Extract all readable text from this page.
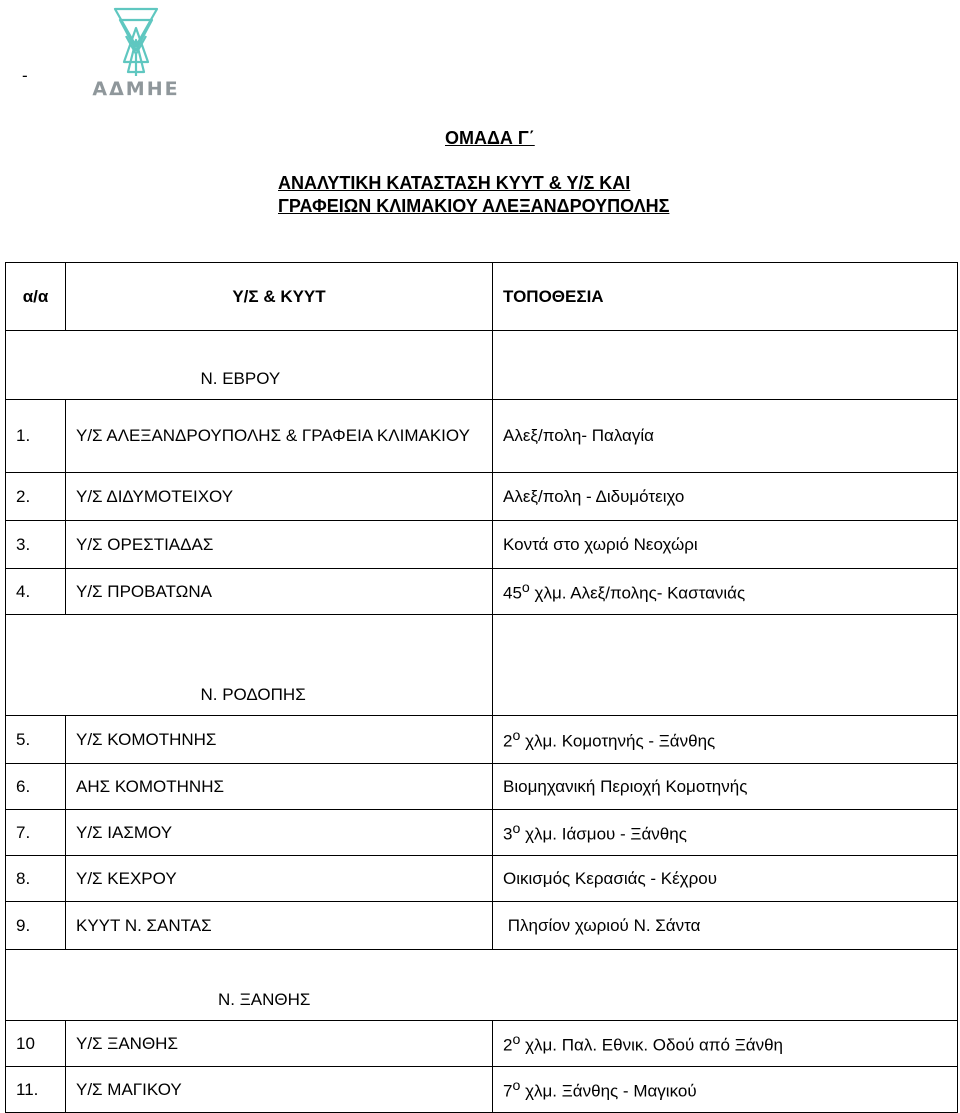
-
ΑΔΜΗΕ
ΟΜΑΔΑ Γ΄
ΑΝΑΛΥΤΙΚΗ ΚΑΤΑΣΤΑΣΗ ΚΥΥΤ & Υ/Σ ΚΑΙ
ΓΡΑΦΕΙΩΝ ΚΛΙΜΑΚΙΟΥ ΑΛΕΞΑΝΔΡΟΥΠΟΛΗΣ
α/α	Υ/Σ & ΚΥΥΤ	ΤΟΠΟΘΕΣΙΑ
	Ν. ΕΒΡΟΥ	
1.	Υ/Σ ΑΛΕΞΑΝΔΡΟΥΠΟΛΗΣ & ΓΡΑΦΕΙΑ ΚΛΙΜΑΚΙΟΥ	Αλεξ/πολη- Παλαγία
2.	Υ/Σ ΔΙΔΥΜΟΤΕΙΧΟΥ	Αλεξ/πολη - Διδυμότειχο
3.	Υ/Σ ΟΡΕΣΤΙΑΔΑΣ	Κοντά στο χωριό Νεοχώρι
4.	Υ/Σ ΠΡΟΒΑΤΩΝΑ	$45^o$ χλμ. Αλεξ/πολης- Καστανιάς
	Ν. ΡΟΔΟΠΗΣ	
5.	Υ/Σ ΚΟΜΟΤΗΝΗΣ	$2^o$ χλμ. Κομοτηνής - Ξάνθης
6.	ΑΗΣ ΚΟΜΟΤΗΝΗΣ	Βιομηχανική Περιοχή Κομοτηνής
7.	Υ/Σ ΙΑΣΜΟΥ	$3^o$ χλμ. Ιάσμου - Ξάνθης
8.	Υ/Σ ΚΕΧΡΟΥ	Οικισμός Κερασιάς - Κέχρου
9.	ΚΥΥΤ Ν. ΣΑΝΤΑΣ	Πλησίον χωριού Ν. Σάντα
Ν. ΞΑΝΘΗΣ		
10	Υ/Σ ΞΑΝΘΗΣ	$2^o$ χλμ. Παλ. Εθνικ. Οδού από Ξάνθη
11.	Υ/Σ ΜΑΓΙΚΟΥ	$7^o$ χλμ. Ξάνθης - Μαγικού
